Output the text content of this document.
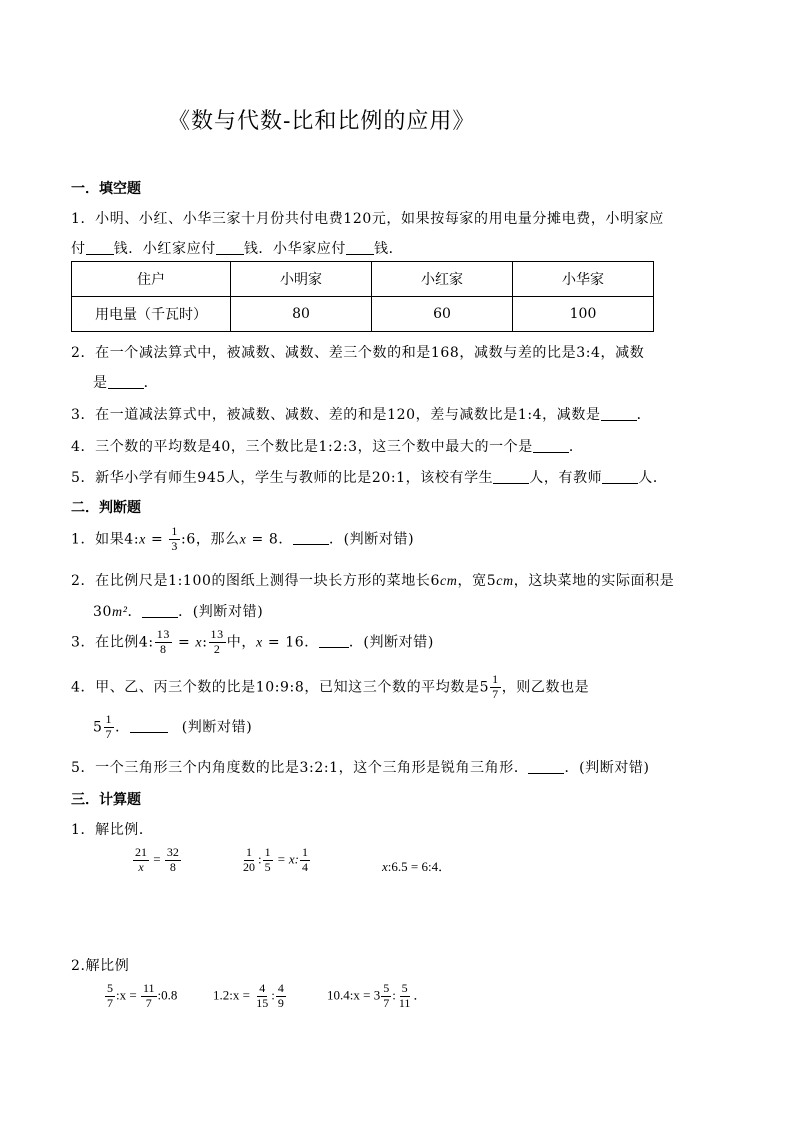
《数与代数-比和比例的应用》
一．填空题
1．小明、小红、小华三家十月份共付电费120元，如果按每家的用电量分摊电费，小明家应
付 钱．小红家应付 钱．小华家应付 钱．
住户	小明家	小红家	小华家
用电量（千瓦时）	80	60	100
2．在一个减法算式中，被减数、减数、差三个数的和是168，减数与差的比是3:4，减数
是	．
3．在一道减法算式中，被减数、减数、差的和是120，差与减数比是1:4，减数是	．
4．三个数的平均数是40，三个数比是1:2:3，这三个数中最大的一个是	．
5．新华小学有师生945人，学生与教师的比是20:1，该校有学生	人，有教师	人．
二．判断题
1．如果4:x = $\frac{1}{3}$ :6，那么x = 8．	．(判断对错)
2．在比例尺是1:100的图纸上测得一块长方形的菜地长6cm，宽5cm，这块菜地的实际面积是
30m²．	．(判断对错)
3．在比例4: $\frac{13}{8} = x$: $\frac{13}{2}$ 中，x = 16． ．(判断对错)
4．甲、乙、丙三个数的比是10:9:8，已知这三个数的平均数是$5 \frac{1}{7}$ ，则乙数也是
$5 \frac{1}{7}$ ．	(判断对错)
5．一个三角形三个内角度数的比是3:2:1，这个三角形是锐角三角形．	．(判断对错)
三．计算题
1．解比例．
$\frac{21}{x} = \frac{32}{8}$	$\frac{1}{20}$ : $\frac{1}{5} = x$: $\frac{1}{4}$	x:6.5 = 6:4．
2.解比例
$\frac{5}{7}$ :x = $\frac{11}{7}$ :0.8	1.2:x = $\frac{4}{15}$ : $\frac{4}{9}$	10.4:x = $3 \frac{5}{7}$ : $\frac{5}{11}$ ．
